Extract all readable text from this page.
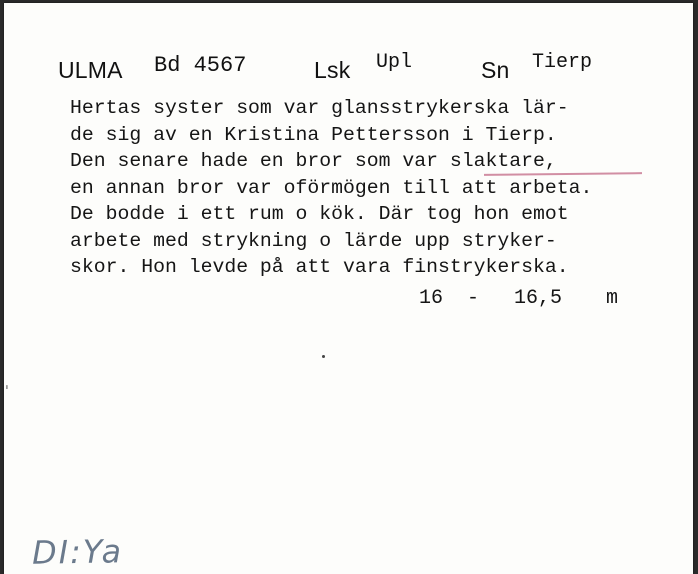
ULMA Bd 4567	Lsk Upl	Sn Tierp
Hertas syster som var glansstrykerska lär-
de sig av en Kristina Pettersson i Tierp.
Den senare hade en bror som var slaktare,
en annan bror var oförmögen till att arbeta.
De bodde i ett rum o kök. Där tog hon emot
arbete med strykning o lärde upp stryker-
skor. Hon levde på att vara finstrykerska.
16 - 16,5 m
ˌ
DI:Ya
